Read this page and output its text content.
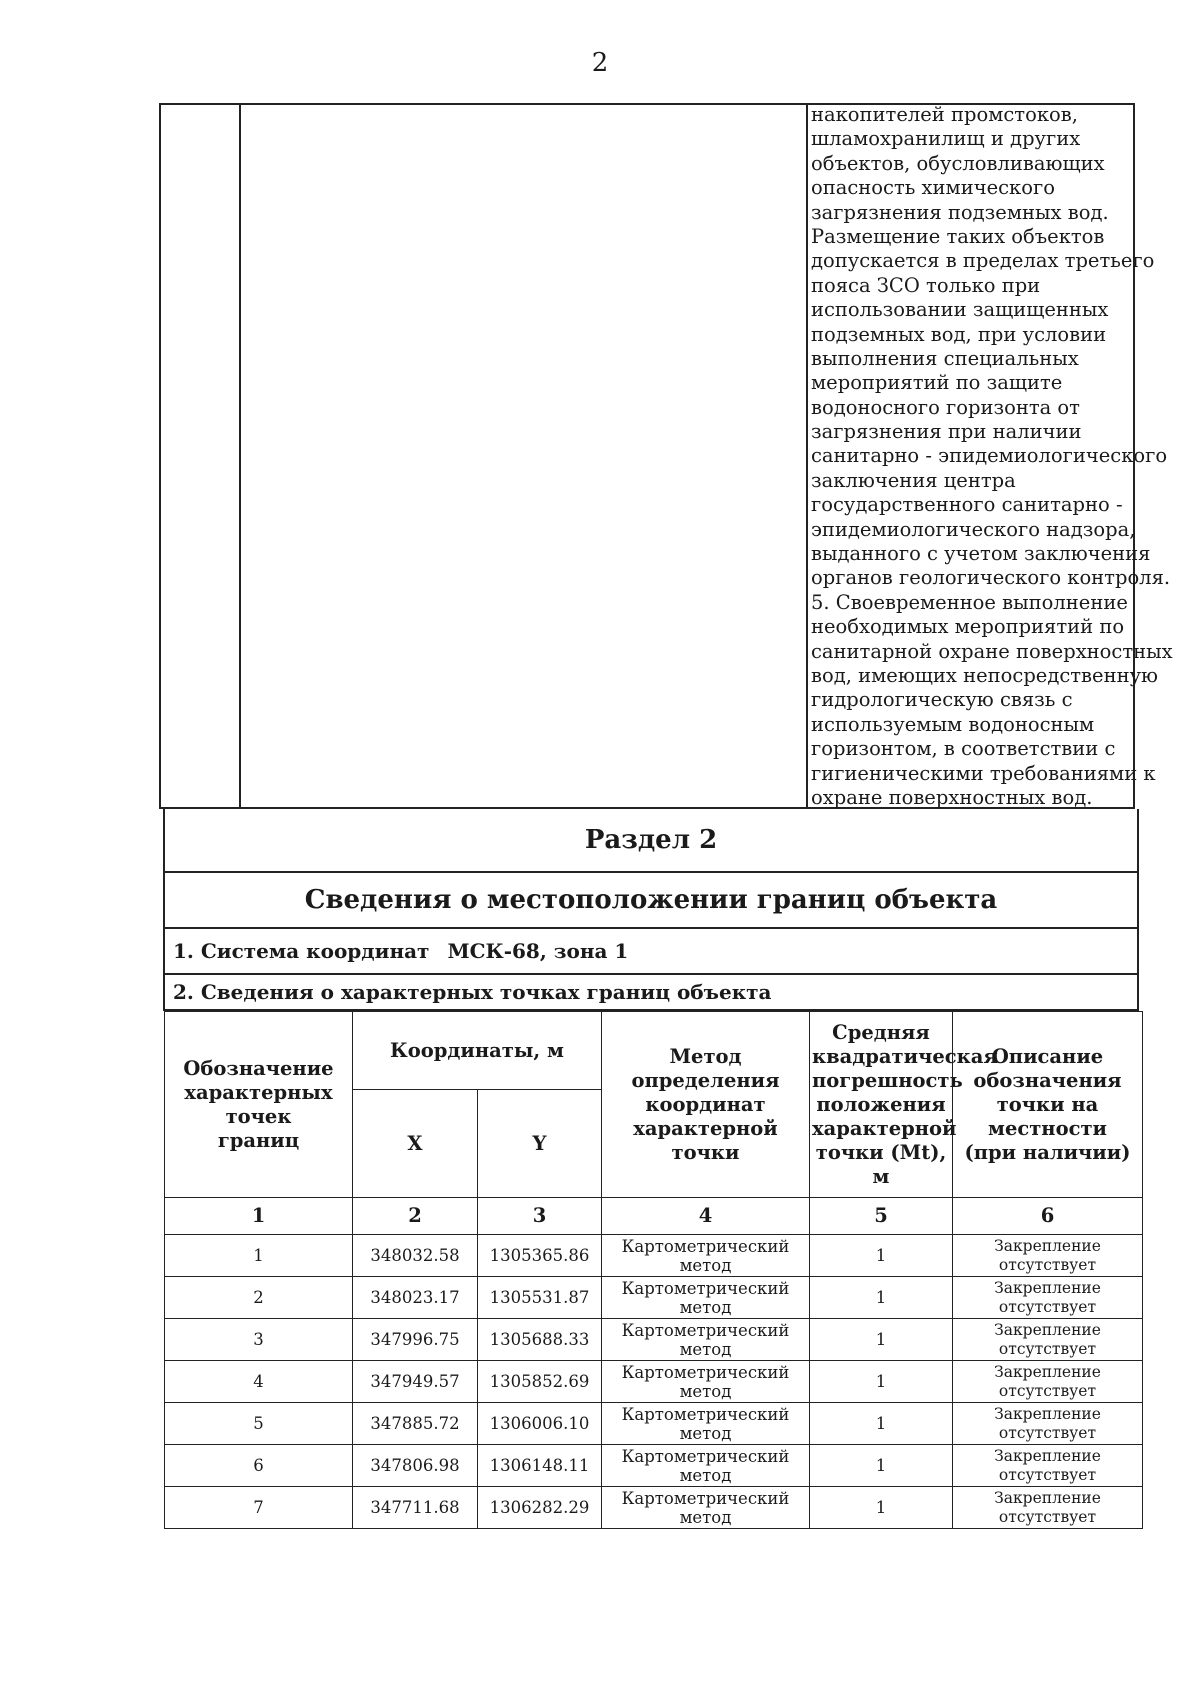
2
накопителей промстоков,
шламохранилищ и других
объектов, обусловливающих
опасность химического
загрязнения подземных вод.
Размещение таких объектов
допускается в пределах третьего
пояса ЗСО только при
использовании защищенных
подземных вод, при условии
выполнения специальных
мероприятий по защите
водоносного горизонта от
загрязнения при наличии
санитарно - эпидемиологического
заключения центра
государственного санитарно -
эпидемиологического надзора,
выданного с учетом заключения
органов геологического контроля.
5. Своевременное выполнение
необходимых мероприятий по
санитарной охране поверхностных
вод, имеющих непосредственную
гидрологическую связь с
используемым водоносным
горизонтом, в соответствии с
гигиеническими требованиями к
охране поверхностных вод.
Раздел 2
Сведения о местоположении границ объекта
1. Система координат МСК-68, зона 1
2. Сведения о характерных точках границ объекта
Обозначение характерных точек границ	Координаты, м		Метод определения координат характерной точки	Средняя квадратическая погрешность положения характерной точки (Mt), м	Описание обозначения точки на местности (при наличии)
	X	Y			
1	2	3	4	5	6
1	348032.58	1305365.86	Картометрический метод	1	Закрепление отсутствует
2	348023.17	1305531.87	Картометрический метод	1	Закрепление отсутствует
3	347996.75	1305688.33	Картометрический метод	1	Закрепление отсутствует
4	347949.57	1305852.69	Картометрический метод	1	Закрепление отсутствует
5	347885.72	1306006.10	Картометрический метод	1	Закрепление отсутствует
6	347806.98	1306148.11	Картометрический метод	1	Закрепление отсутствует
7	347711.68	1306282.29	Картометрический метод	1	Закрепление отсутствует
